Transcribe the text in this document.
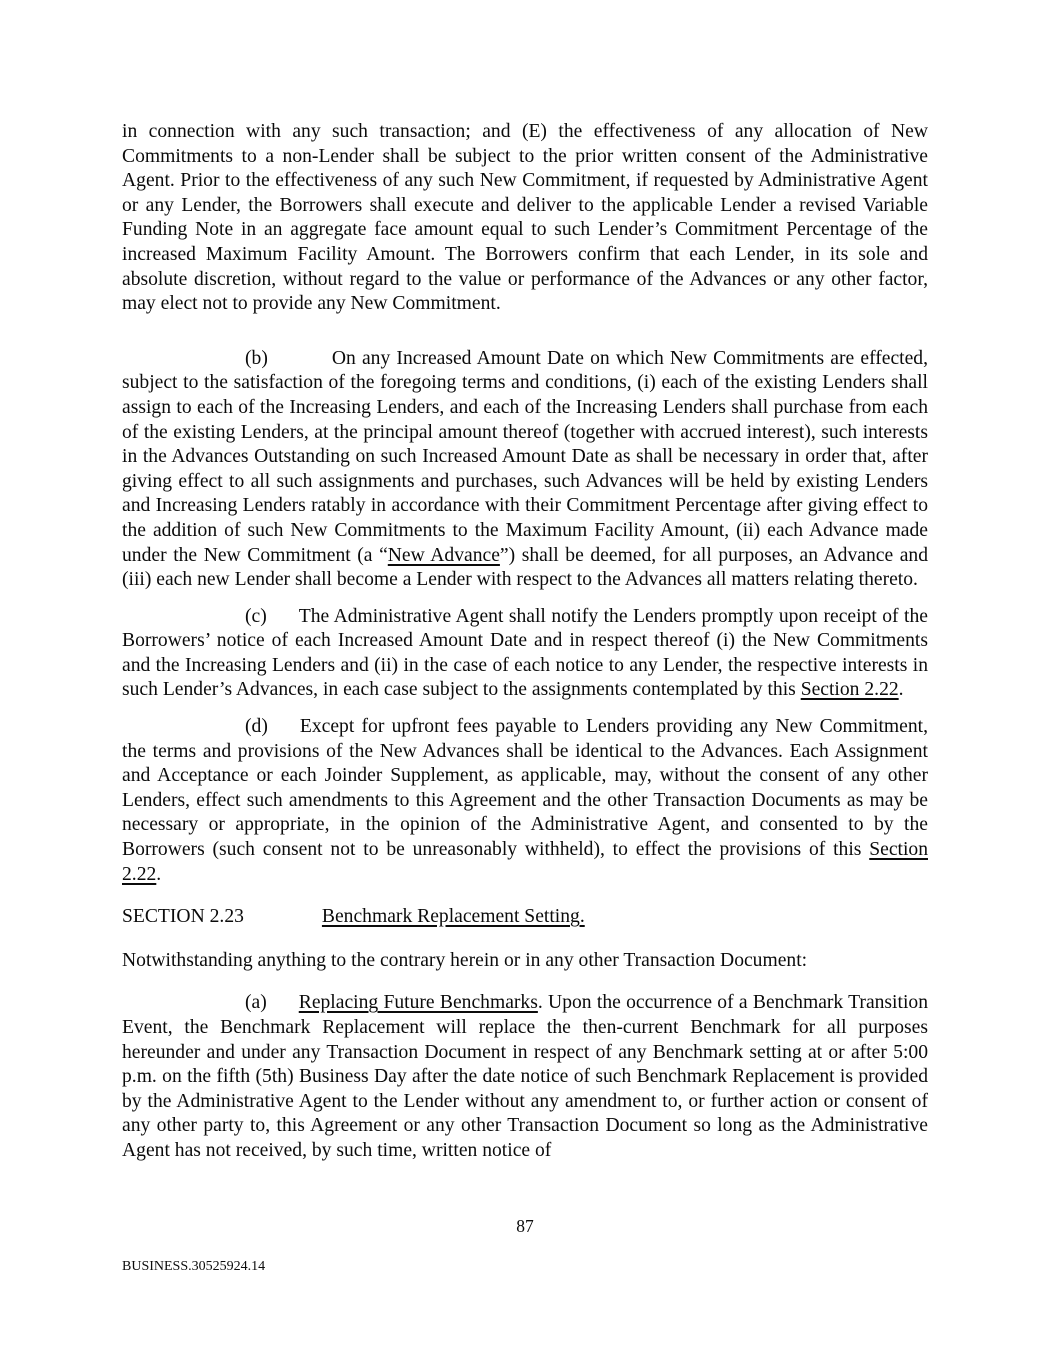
in connection with any such transaction; and (E) the effectiveness of any allocation of New Commitments to a non-Lender shall be subject to the prior written consent of the Administrative Agent. Prior to the effectiveness of any such New Commitment, if requested by Administrative Agent or any Lender, the Borrowers shall execute and deliver to the applicable Lender a revised Variable Funding Note in an aggregate face amount equal to such Lender’s Commitment Percentage of the increased Maximum Facility Amount. The Borrowers confirm that each Lender, in its sole and absolute discretion, without regard to the value or performance of the Advances or any other factor, may elect not to provide any New Commitment.

(b)	On any Increased Amount Date on which New Commitments are effected, subject to the satisfaction of the foregoing terms and conditions, (i) each of the existing Lenders shall assign to each of the Increasing Lenders, and each of the Increasing Lenders shall purchase from each of the existing Lenders, at the principal amount thereof (together with accrued interest), such interests in the Advances Outstanding on such Increased Amount Date as shall be necessary in order that, after giving effect to all such assignments and purchases, such Advances will be held by existing Lenders and Increasing Lenders ratably in accordance with their Commitment Percentage after giving effect to the addition of such New Commitments to the Maximum Facility Amount, (ii) each Advance made under the New Commitment (a “New Advance”) shall be deemed, for all purposes, an Advance and (iii) each new Lender shall become a Lender with respect to the Advances all matters relating thereto.

(c) The Administrative Agent shall notify the Lenders promptly upon receipt of the Borrowers’ notice of each Increased Amount Date and in respect thereof (i) the New Commitments and the Increasing Lenders and (ii) in the case of each notice to any Lender, the respective interests in such Lender’s Advances, in each case subject to the assignments contemplated by this Section 2.22.

(d) Except for upfront fees payable to Lenders providing any New Commitment, the terms and provisions of the New Advances shall be identical to the Advances. Each Assignment and Acceptance or each Joinder Supplement, as applicable, may, without the consent of any other Lenders, effect such amendments to this Agreement and the other Transaction Documents as may be necessary or appropriate, in the opinion of the Administrative Agent, and consented to by the Borrowers (such consent not to be unreasonably withheld), to effect the provisions of this Section 2.22.

SECTION 2.23	Benchmark Replacement Setting.

Notwithstanding anything to the contrary herein or in any other Transaction Document:

(a) Replacing Future Benchmarks. Upon the occurrence of a Benchmark Transition Event, the Benchmark Replacement will replace the then-current Benchmark for all purposes hereunder and under any Transaction Document in respect of any Benchmark setting at or after 5:00 p.m. on the fifth (5th) Business Day after the date notice of such Benchmark Replacement is provided by the Administrative Agent to the Lender without any amendment to, or further action or consent of any other party to, this Agreement or any other Transaction Document so long as the Administrative Agent has not received, by such time, written notice of

87
BUSINESS.30525924.14
